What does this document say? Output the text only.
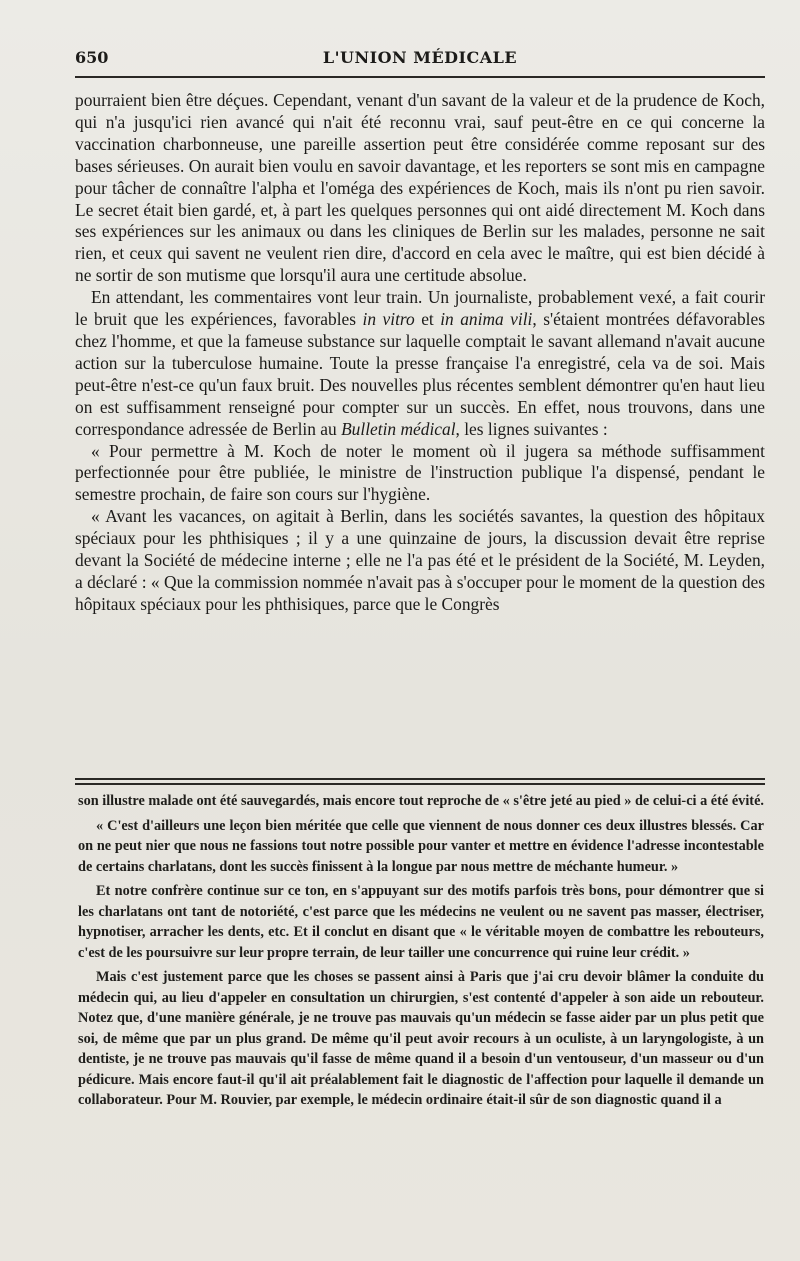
650	L'UNION MÉDICALE

pourraient bien être déçues. Cependant, venant d'un savant de la valeur et de la prudence de Koch, qui n'a jusqu'ici rien avancé qui n'ait été reconnu vrai, sauf peut-être en ce qui concerne la vaccination charbonneuse, une pareille assertion peut être considérée comme reposant sur des bases sérieuses. On aurait bien voulu en savoir davantage, et les reporters se sont mis en campagne pour tâcher de connaître l'alpha et l'oméga des expériences de Koch, mais ils n'ont pu rien savoir. Le secret était bien gardé, et, à part les quelques personnes qui ont aidé directement M. Koch dans ses expériences sur les animaux ou dans les cliniques de Berlin sur les malades, personne ne sait rien, et ceux qui savent ne veulent rien dire, d'accord en cela avec le maître, qui est bien décidé à ne sortir de son mutisme que lorsqu'il aura une certitude absolue.

En attendant, les commentaires vont leur train. Un journaliste, probablement vexé, a fait courir le bruit que les expériences, favorables in vitro et in anima vili, s'étaient montrées défavorables chez l'homme, et que la fameuse substance sur laquelle comptait le savant allemand n'avait aucune action sur la tuberculose humaine. Toute la presse française l'a enregistré, cela va de soi. Mais peut-être n'est-ce qu'un faux bruit. Des nouvelles plus récentes semblent démontrer qu'en haut lieu on est suffisamment renseigné pour compter sur un succès. En effet, nous trouvons, dans une correspondance adressée de Berlin au Bulletin médical, les lignes suivantes :

« Pour permettre à M. Koch de noter le moment où il jugera sa méthode suffisamment perfectionnée pour être publiée, le ministre de l'instruction publique l'a dispensé, pendant le semestre prochain, de faire son cours sur l'hygiène.

« Avant les vacances, on agitait à Berlin, dans les sociétés savantes, la question des hôpitaux spéciaux pour les phthisiques ; il y a une quinzaine de jours, la discussion devait être reprise devant la Société de médecine interne ; elle ne l'a pas été et le président de la Société, M. Leyden, a déclaré : « Que la commission nommée n'avait pas à s'occuper pour le moment de la question des hôpitaux spéciaux pour les phthisiques, parce que le Congrès

son illustre malade ont été sauvegardés, mais encore tout reproche de « s'être jeté au pied » de celui-ci a été évité.

« C'est d'ailleurs une leçon bien méritée que celle que viennent de nous donner ces deux illustres blessés. Car on ne peut nier que nous ne fassions tout notre possible pour vanter et mettre en évidence l'adresse incontestable de certains charlatans, dont les succès finissent à la longue par nous mettre de méchante humeur. »

Et notre confrère continue sur ce ton, en s'appuyant sur des motifs parfois très bons, pour démontrer que si les charlatans ont tant de notoriété, c'est parce que les médecins ne veulent ou ne savent pas masser, électriser, hypnotiser, arracher les dents, etc. Et il conclut en disant que « le véritable moyen de combattre les rebouteurs, c'est de les poursuivre sur leur propre terrain, de leur tailler une concurrence qui ruine leur crédit. »

Mais c'est justement parce que les choses se passent ainsi à Paris que j'ai cru devoir blâmer la conduite du médecin qui, au lieu d'appeler en consultation un chirurgien, s'est contenté d'appeler à son aide un rebouteur. Notez que, d'une manière générale, je ne trouve pas mauvais qu'un médecin se fasse aider par un plus petit que soi, de même que par un plus grand. De même qu'il peut avoir recours à un oculiste, à un laryngologiste, à un dentiste, je ne trouve pas mauvais qu'il fasse de même quand il a besoin d'un ventouseur, d'un masseur ou d'un pédicure. Mais encore faut-il qu'il ait préalablement fait le diagnostic de l'affection pour laquelle il demande un collaborateur. Pour M. Rouvier, par exemple, le médecin ordinaire était-il sûr de son diagnostic quand il a
